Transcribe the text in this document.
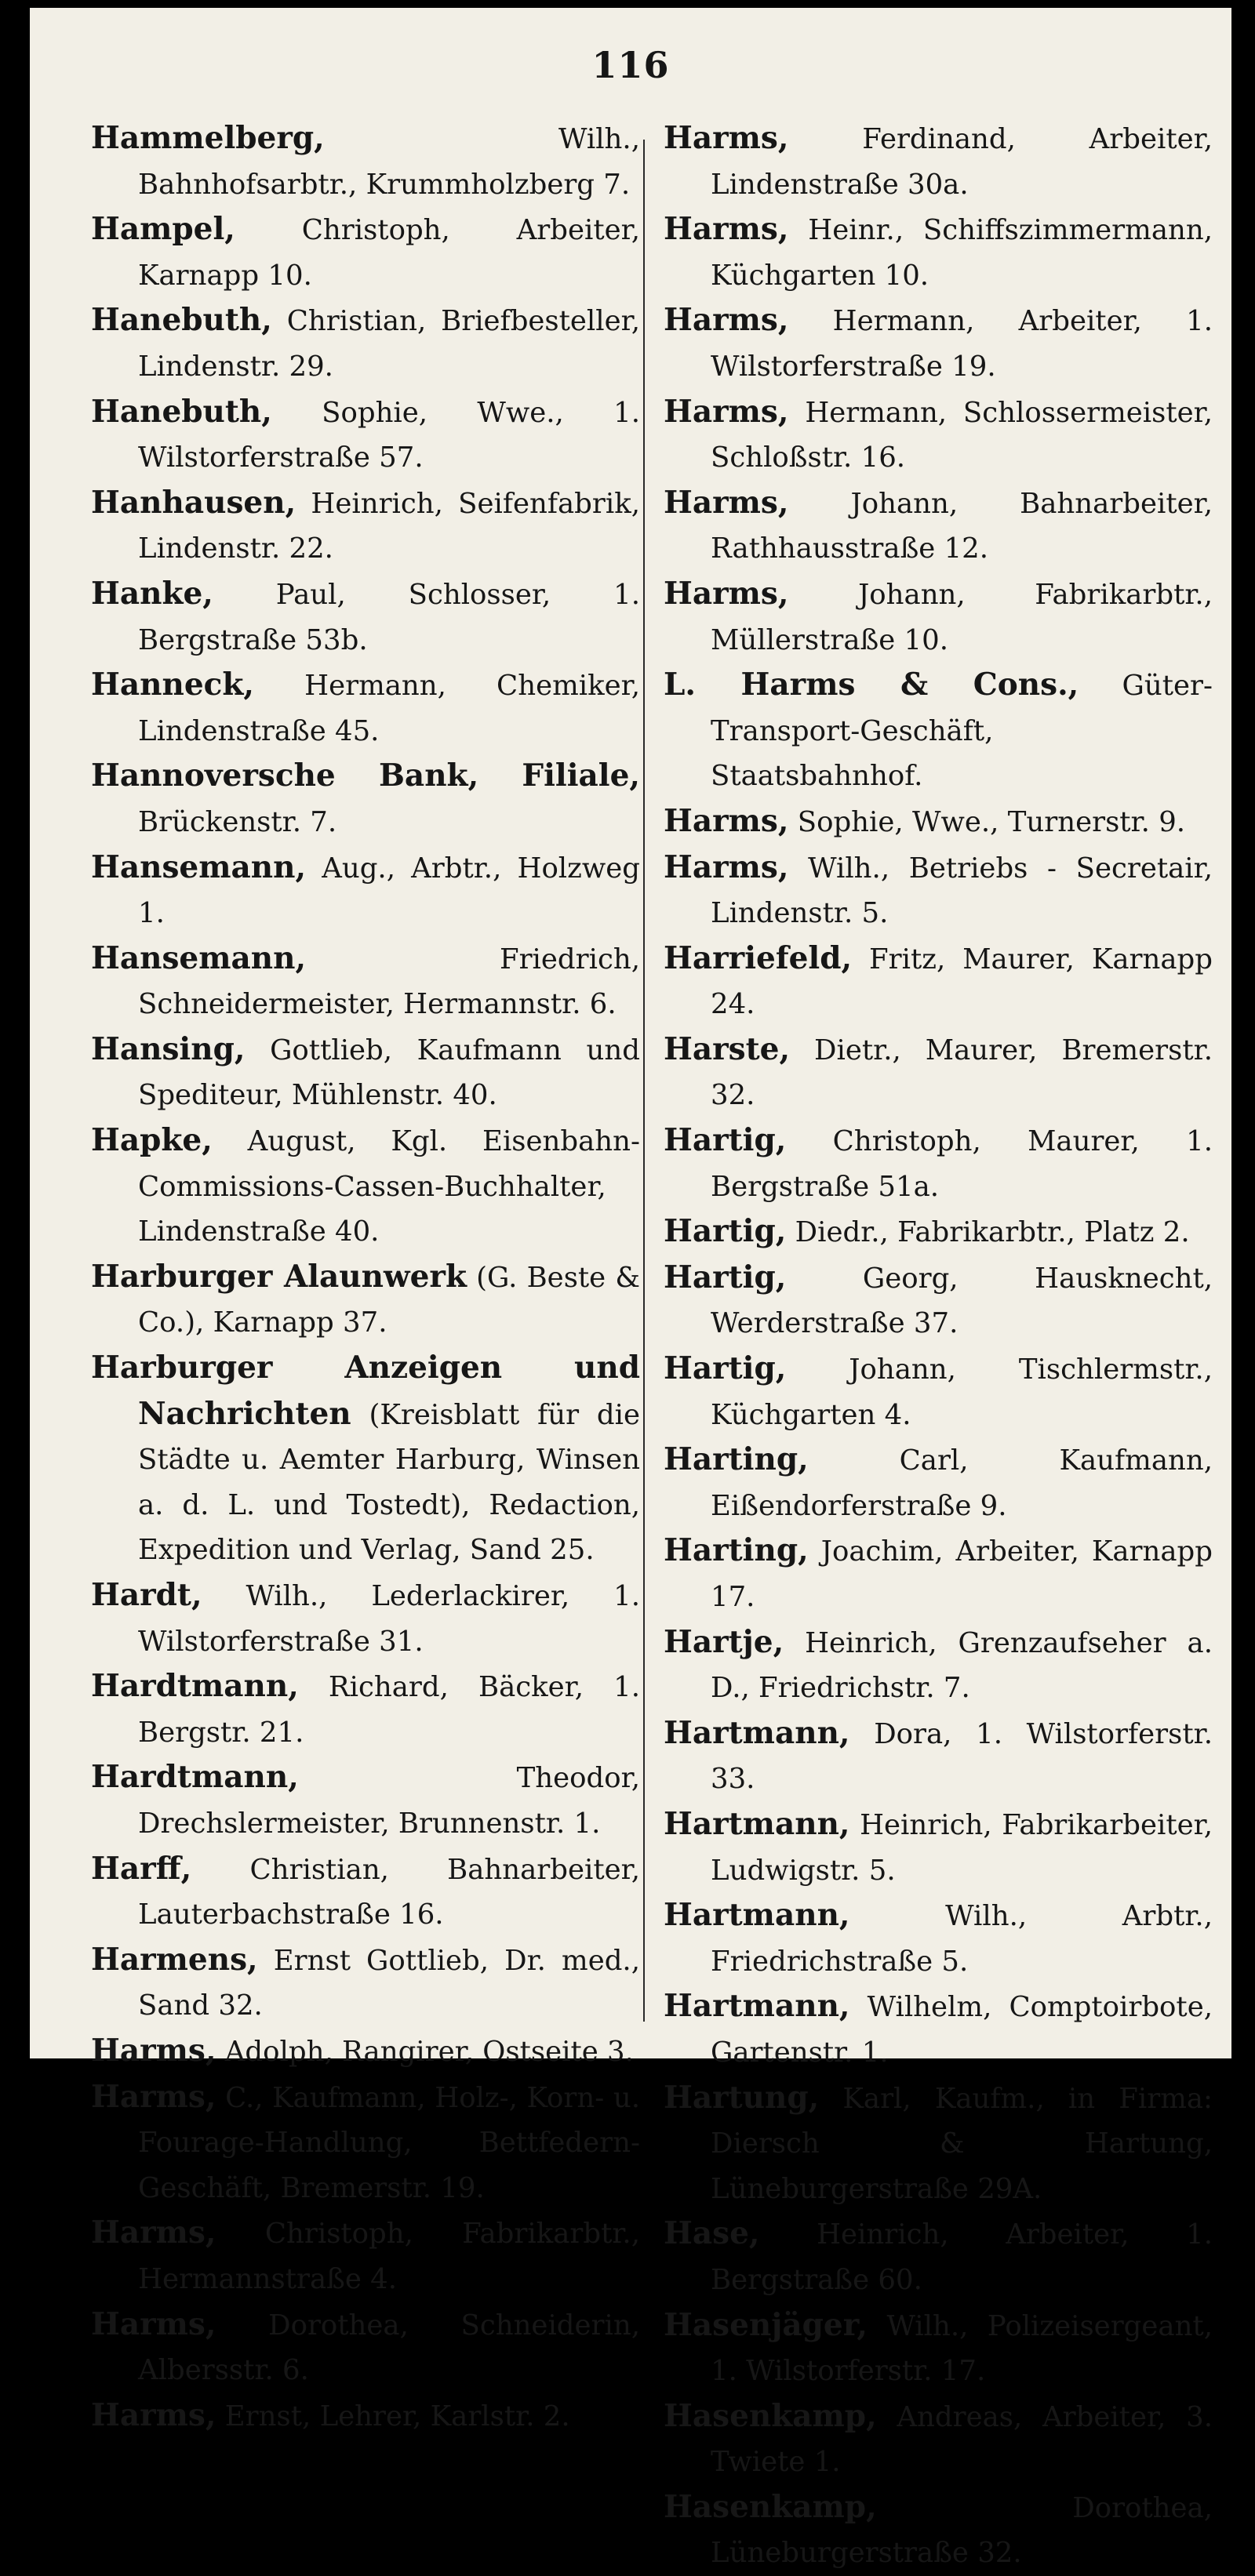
116

Hammelberg,	Wilh., Bahnhofsarbtr., Krummholzberg 7.

Hampel, Christoph, Arbeiter, Karnapp 10.

Hanebuth, Christian, Briefbesteller, Lindenstr. 29.

Hanebuth, Sophie, Wwe., 1. Wilstorferstraße 57.

Hanhausen, Heinrich, Seifenfabrik, Lindenstr. 22.

Hanke, Paul, Schlosser, 1. Bergstraße 53b.

Hanneck, Hermann, Chemiker, Lindenstraße 45.

Hannoversche Bank, Filiale, Brückenstr. 7.

Hansemann, Aug., Arbtr., Holzweg 1.

Hansemann,	Friedrich, Schneidermeister, Hermannstr. 6.

Hansing, Gottlieb, Kaufmann und Spediteur, Mühlenstr. 40.

Hapke, August, Kgl. Eisenbahn-Commissions-Cassen-Buchhalter, Lindenstraße 40.

Harburger Alaunwerk (G. Beste & Co.), Karnapp 37.

Harburger Anzeigen und Nachrichten (Kreisblatt für die Städte u. Aemter Harburg, Winsen a. d. L. und Tostedt), Redaction, Expedition und Verlag, Sand 25.

Hardt, Wilh., Lederlackirer, 1. Wilstorferstraße 31.

Hardtmann, Richard, Bäcker, 1. Bergstr. 21.

Hardtmann,	Theodor, Drechslermeister, Brunnenstr. 1.

Harff, Christian, Bahnarbeiter, Lauterbachstraße 16.

Harmens, Ernst Gottlieb, Dr. med., Sand 32.

Harms, Adolph, Rangirer, Ostseite 3.

Harms, C., Kaufmann, Holz-, Korn- u. Fourage-Handlung, Bettfedern-Geschäft, Bremerstr. 19.

Harms, Christoph, Fabrikarbtr., Hermannstraße 4.

Harms, Dorothea, Schneiderin, Albersstr. 6.

Harms, Ernst, Lehrer, Karlstr. 2.

Harms,	Ferdinand, Arbeiter, Lindenstraße 30a.

Harms, Heinr., Schiffszimmermann, Küchgarten 10.

Harms, Hermann, Arbeiter, 1. Wilstorferstraße 19.

Harms, Hermann, Schlossermeister, Schloßstr. 16.

Harms, Johann, Bahnarbeiter, Rathhausstraße 12.

Harms, Johann, Fabrikarbtr., Müllerstraße 10.

L. Harms & Cons., Güter-Transport-Geschäft, Staatsbahnhof.

Harms, Sophie, Wwe., Turnerstr. 9.

Harms, Wilh., Betriebs - Secretair, Lindenstr. 5.

Harriefeld, Fritz, Maurer, Karnapp 24.

Harste, Dietr., Maurer, Bremerstr. 32.

Hartig, Christoph, Maurer, 1. Bergstraße 51a.

Hartig, Diedr., Fabrikarbtr., Platz 2.

Hartig,	Georg, Hausknecht, Werderstraße 37.

Hartig, Johann, Tischlermstr., Küchgarten 4.

Harting,	Carl, Kaufmann, Eißendorferstraße 9.

Harting, Joachim, Arbeiter, Karnapp 17.

Hartje, Heinrich, Grenzaufseher a. D., Friedrichstr. 7.

Hartmann, Dora, 1. Wilstorferstr. 33.

Hartmann, Heinrich, Fabrikarbeiter, Ludwigstr. 5.

Hartmann,	Wilh., Arbtr., Friedrichstraße 5.

Hartmann, Wilhelm, Comptoirbote, Gartenstr. 1.

Hartung, Karl, Kaufm., in Firma: Diersch & Hartung, Lüneburgerstraße 29A.

Hase, Heinrich, Arbeiter, 1. Bergstraße 60.

Hasenjäger, Wilh., Polizeisergeant, 1. Wilstorferstr. 17.

Hasenkamp, Andreas, Arbeiter, 3. Twiete 1.

Hasenkamp,	Dorothea, Lüneburgerstraße 32.
